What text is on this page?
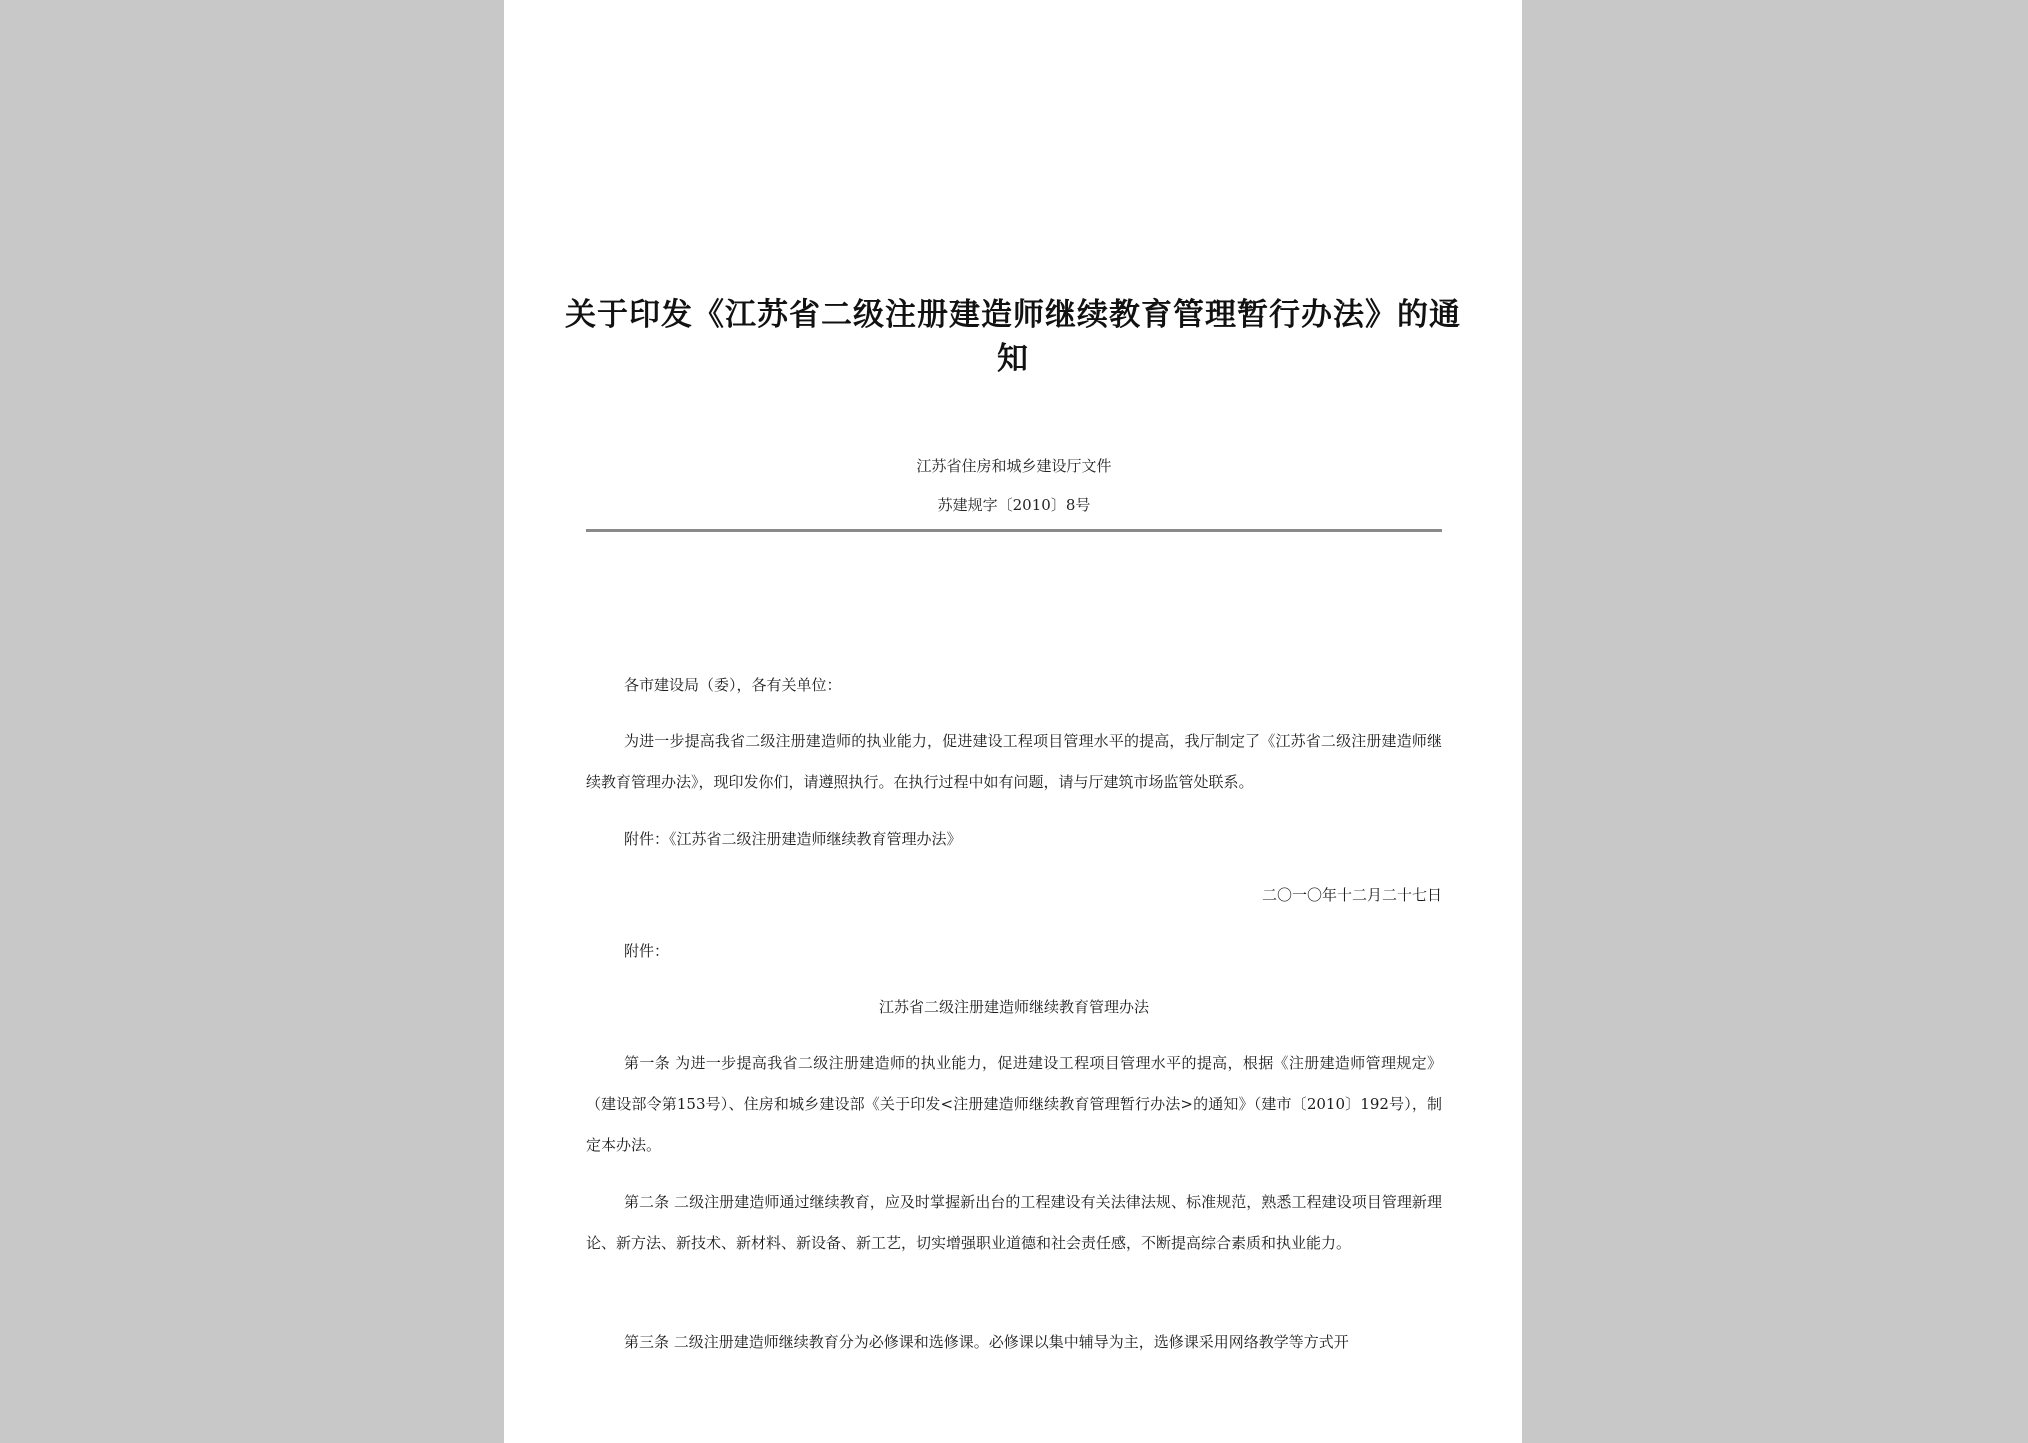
关于印发《江苏省二级注册建造师继续教育管理暂行办法》的通知
江苏省住房和城乡建设厅文件
苏建规字〔2010〕8号

各市建设局（委），各有关单位：

为进一步提高我省二级注册建造师的执业能力，促进建设工程项目管理水平的提高，我厅制定了《江苏省二级注册建造师继续教育管理办法》，现印发你们，请遵照执行。在执行过程中如有问题，请与厅建筑市场监管处联系。

附件：《江苏省二级注册建造师继续教育管理办法》

二〇一〇年十二月二十七日

附件：

江苏省二级注册建造师继续教育管理办法

第一条 为进一步提高我省二级注册建造师的执业能力，促进建设工程项目管理水平的提高，根据《注册建造师管理规定》（建设部令第153号）、住房和城乡建设部《关于印发<注册建造师继续教育管理暂行办法>的通知》（建市〔2010〕192号），制定本办法。

第二条 二级注册建造师通过继续教育，应及时掌握新出台的工程建设有关法律法规、标准规范，熟悉工程建设项目管理新理论、新方法、新技术、新材料、新设备、新工艺，切实增强职业道德和社会责任感，不断提高综合素质和执业能力。

第三条 二级注册建造师继续教育分为必修课和选修课。必修课以集中辅导为主，选修课采用网络教学等方式开
